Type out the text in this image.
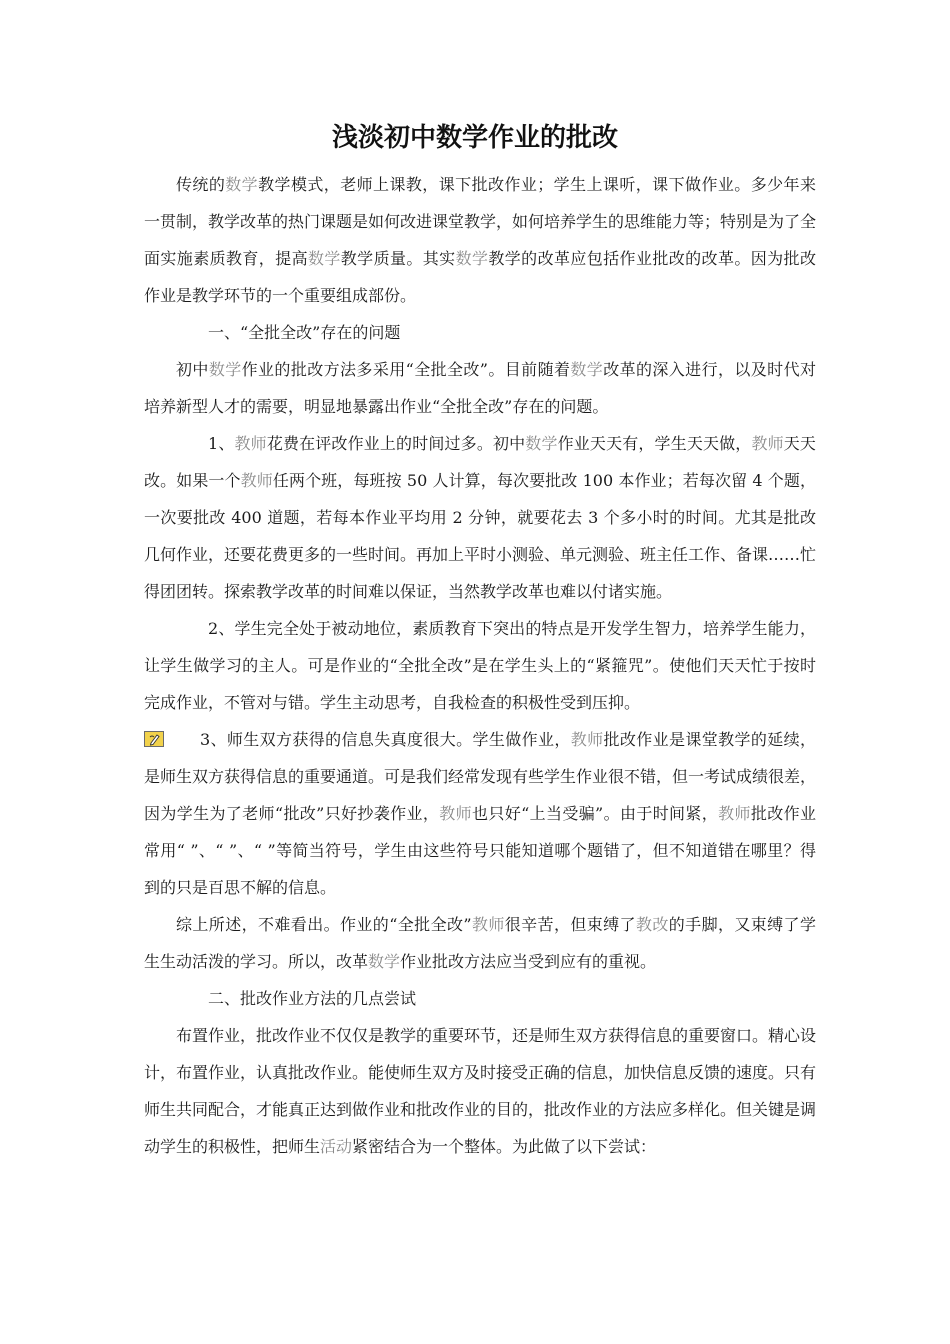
浅淡初中数学作业的批改

传统的数学教学模式，老师上课教，课下批改作业；学生上课听，课下做作业。多少年来一贯制，教学改革的热门课题是如何改进课堂教学，如何培养学生的思维能力等；特别是为了全面实施素质教育，提高数学教学质量。其实数学教学的改革应包括作业批改的改革。因为批改作业是教学环节的一个重要组成部份。

一、“全批全改”存在的问题

初中数学作业的批改方法多采用“全批全改”。目前随着数学改革的深入进行，以及时代对培养新型人才的需要，明显地暴露出作业“全批全改”存在的问题。

1、教师花费在评改作业上的时间过多。初中数学作业天天有，学生天天做，教师天天改。如果一个教师任两个班，每班按 50 人计算，每次要批改 100 本作业；若每次留 4 个题，一次要批改 400 道题，若每本作业平均用 2 分钟，就要花去 3 个多小时的时间。尤其是批改几何作业，还要花费更多的一些时间。再加上平时小测验、单元测验、班主任工作、备课……忙得团团转。探索教学改革的时间难以保证，当然教学改革也难以付诸实施。

2、学生完全处于被动地位，素质教育下突出的特点是开发学生智力，培养学生能力，让学生做学习的主人。可是作业的“全批全改”是在学生头上的“紧箍咒”。使他们天天忙于按时完成作业，不管对与错。学生主动思考，自我检查的积极性受到压抑。

3、师生双方获得的信息失真度很大。学生做作业，教师批改作业是课堂教学的延续，是师生双方获得信息的重要通道。可是我们经常发现有些学生作业很不错，但一考试成绩很差，因为学生为了老师“批改”只好抄袭作业，教师也只好“上当受骗”。由于时间紧，教师批改作业常用“ ”、“ ”、“ ”等简当符号，学生由这些符号只能知道哪个题错了，但不知道错在哪里？得到的只是百思不解的信息。

综上所述，不难看出。作业的“全批全改”教师很辛苦，但束缚了教改的手脚，又束缚了学生生动活泼的学习。所以，改革数学作业批改方法应当受到应有的重视。

二、批改作业方法的几点尝试

布置作业，批改作业不仅仅是教学的重要环节，还是师生双方获得信息的重要窗口。精心设计，布置作业，认真批改作业。能使师生双方及时接受正确的信息，加快信息反馈的速度。只有师生共同配合，才能真正达到做作业和批改作业的目的，批改作业的方法应多样化。但关键是调动学生的积极性，把师生活动紧密结合为一个整体。为此做了以下尝试：
